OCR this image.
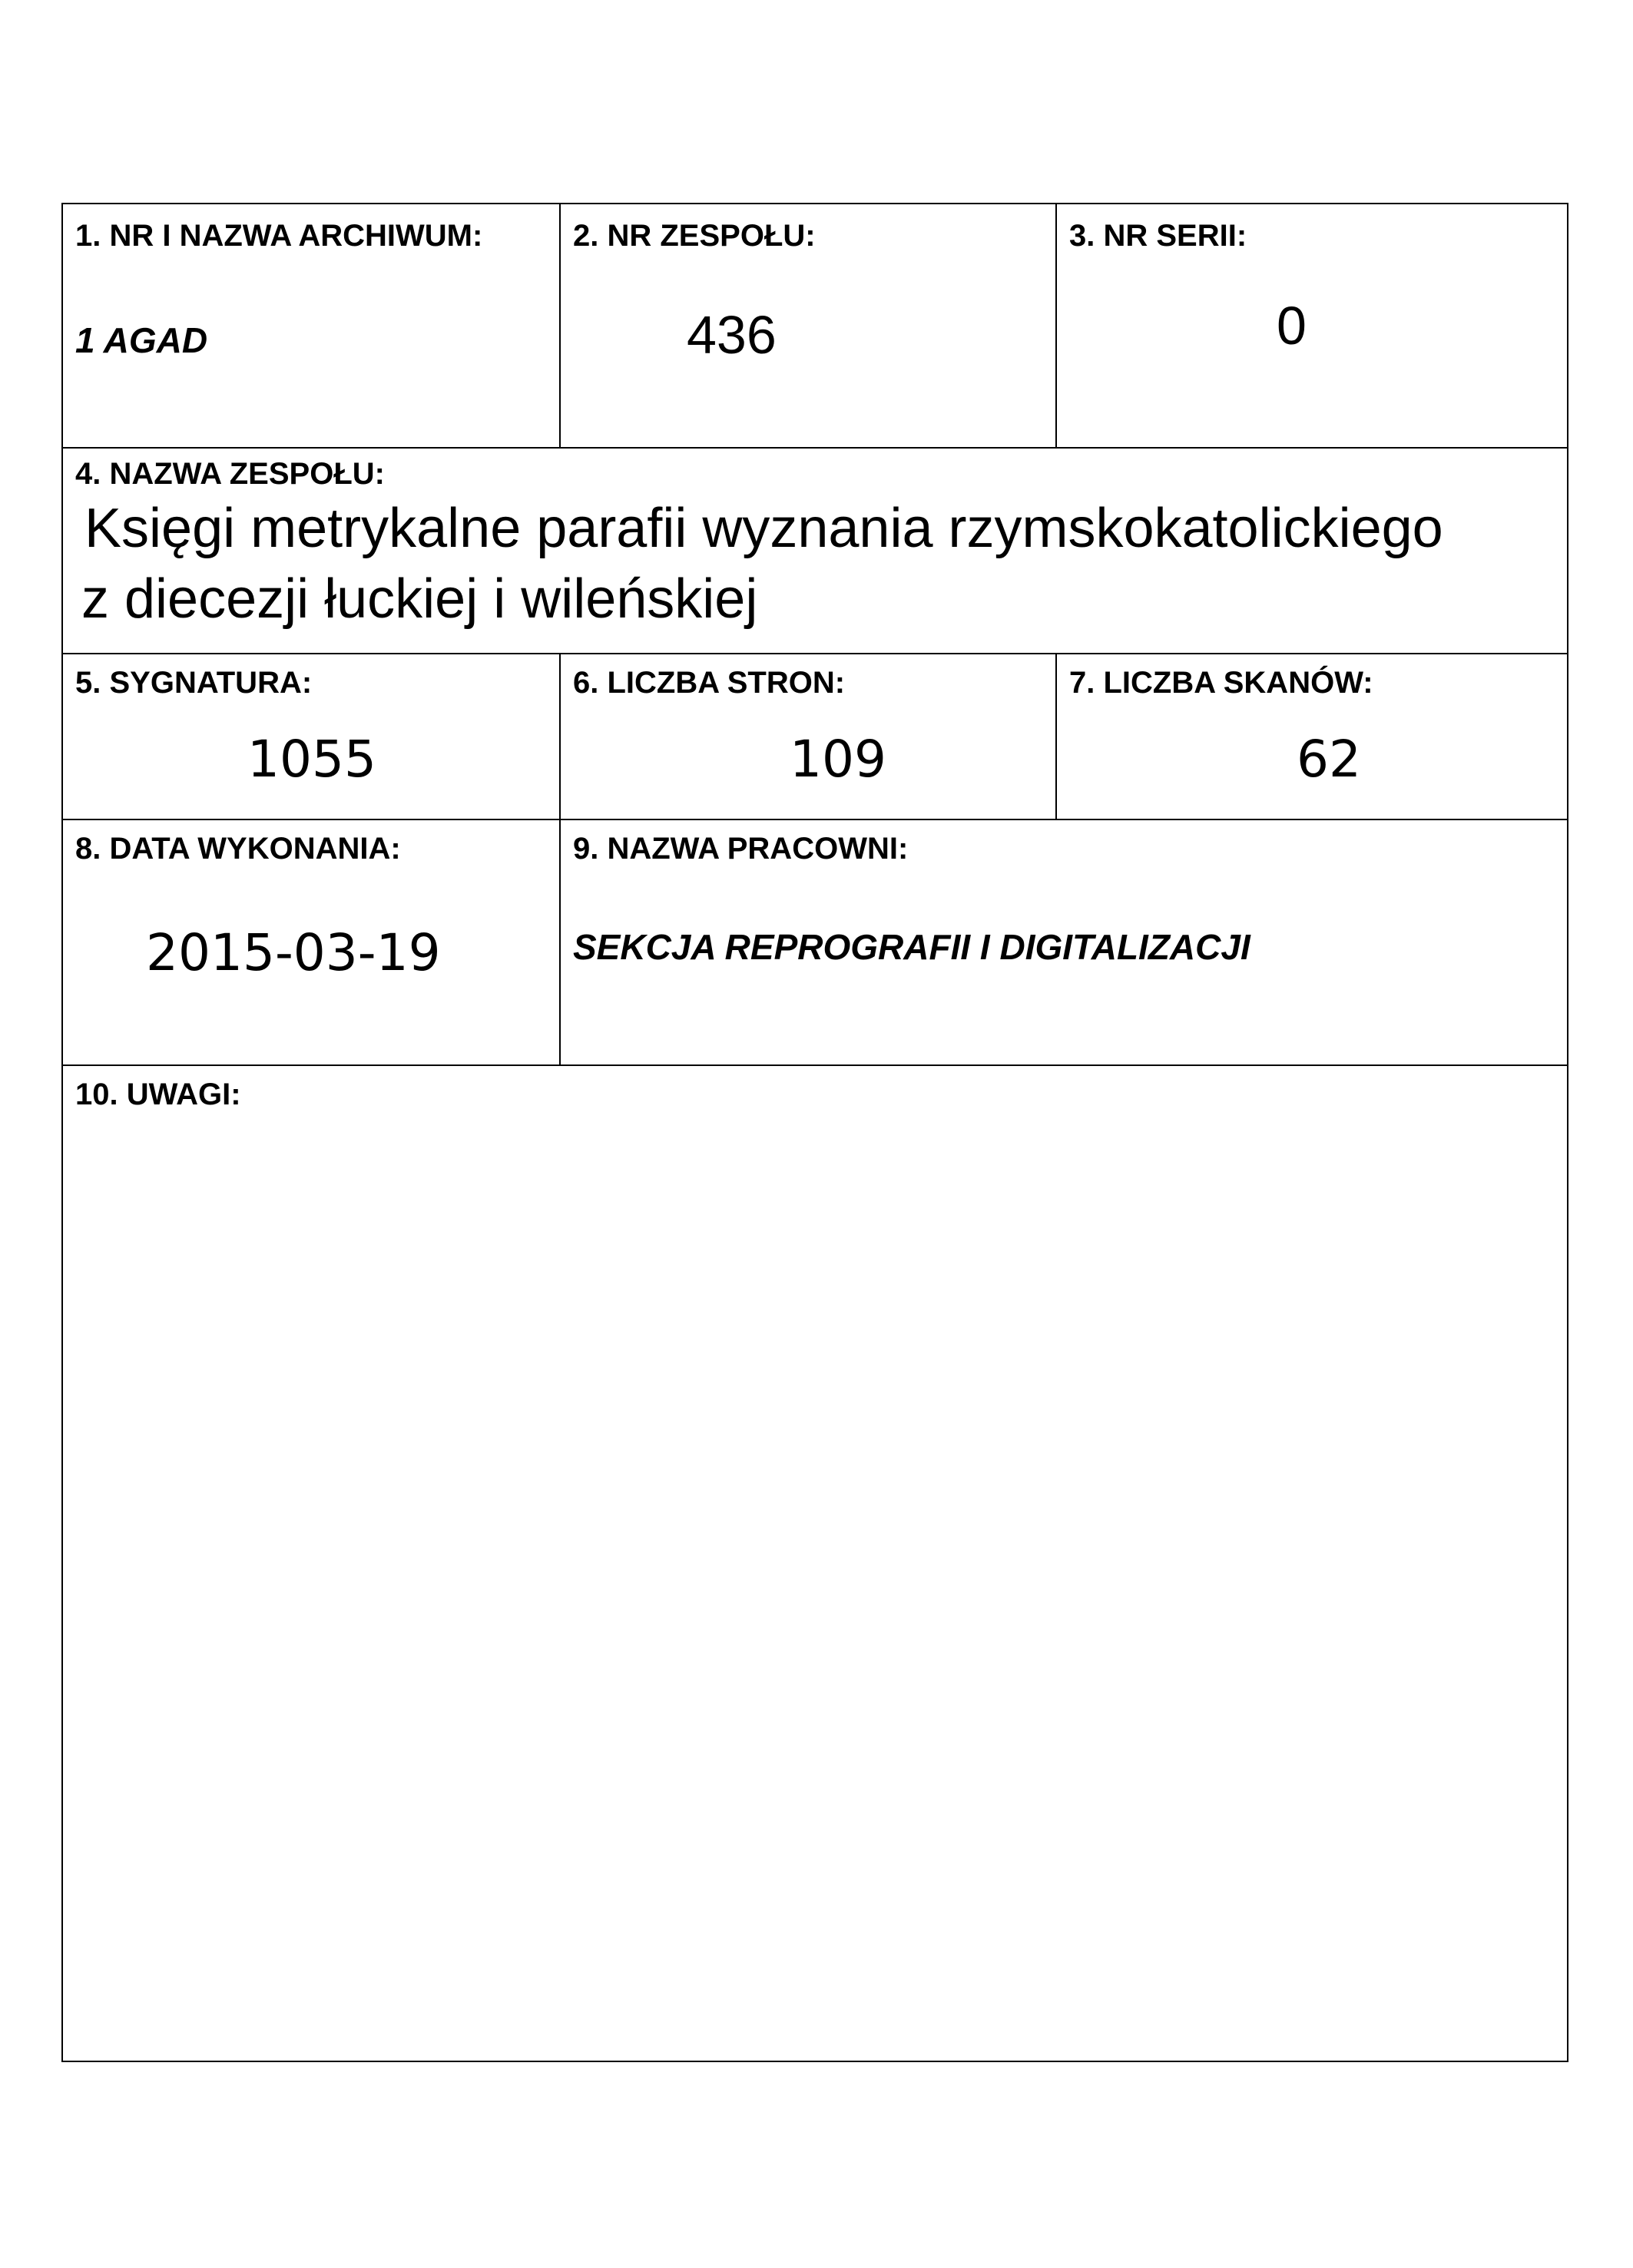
1. NR I NAZWA ARCHIWUM:
1 AGAD
2. NR ZESPOŁU:
436
3. NR SERII:
0
4. NAZWA ZESPOŁU:
Księgi metrykalne parafii wyznania rzymskokatolickiego
z diecezji łuckiej i wileńskiej
5. SYGNATURA:
1055
6. LICZBA STRON:
109
7. LICZBA SKANÓW:
62
8. DATA WYKONANIA:
2015-03-19
9. NAZWA PRACOWNI:
SEKCJA REPROGRAFII I DIGITALIZACJI
10. UWAGI:
